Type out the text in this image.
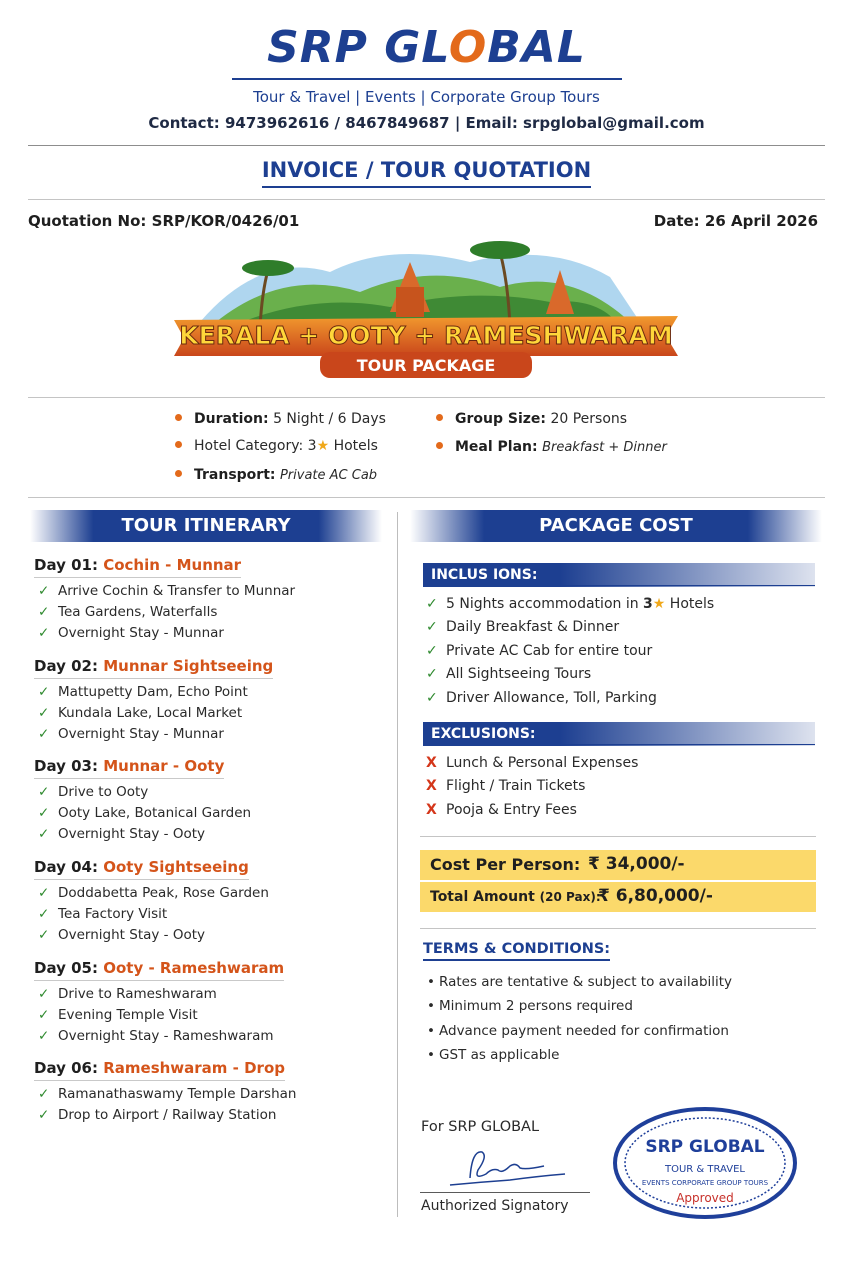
SRP GLOBAL
Tour & Travel | Events | Corporate Group Tours
Contact: 9473962616 / 8467849687 | Email: srpglobal@gmail.com
INVOICE / TOUR QUOTATION
Quotation No: SRP/KOR/0426/01	Date: 26 April 2026
KERALA + OOTY + RAMESHWARAM
TOUR PACKAGE
Duration: 5 Night / 6 Days
Hotel Category: 3★ Hotels
Transport: Private AC Cab
Group Size: 20 Persons
Meal Plan: Breakfast + Dinner
TOUR ITINERARY
Day 01: Cochin - Munnar
✓ Arrive Cochin & Transfer to Munnar
✓ Tea Gardens, Waterfalls
✓ Overnight Stay - Munnar
Day 02: Munnar Sightseeing
✓ Mattupetty Dam, Echo Point
✓ Kundala Lake, Local Market
✓ Overnight Stay - Munnar
Day 03: Munnar - Ooty
✓ Drive to Ooty
✓ Ooty Lake, Botanical Garden
✓ Overnight Stay - Ooty
Day 04: Ooty Sightseeing
✓ Doddabetta Peak, Rose Garden
✓ Tea Factory Visit
✓ Overnight Stay - Ooty
Day 05: Ooty - Rameshwaram
✓ Drive to Rameshwaram
✓ Evening Temple Visit
✓ Overnight Stay - Rameshwaram
Day 06: Rameshwaram - Drop
✓ Ramanathaswamy Temple Darshan
✓ Drop to Airport / Railway Station
PACKAGE COST
INCLUS IONS:
✓ 5 Nights accommodation in 3★ Hotels
✓ Daily Breakfast & Dinner
✓ Private AC Cab for entire tour
✓ All Sightseeing Tours
✓ Driver Allowance, Toll, Parking
EXCLUSIONS:
X Lunch & Personal Expenses
X Flight / Train Tickets
X Pooja & Entry Fees
Cost Per Person: ₹ 34,000/-
Total Amount (20 Pax):
₹ 6,80,000/-
TERMS & CONDITIONS:
• Rates are tentative & subject to availability
• Minimum 2 persons required
• Advance payment needed for confirmation
• GST as applicable
For SRP GLOBAL
Authorized Signatory
SRP GLOBAL
TOUR & TRAVEL
EVENTS CORPORATE GROUP TOURS
Approved
